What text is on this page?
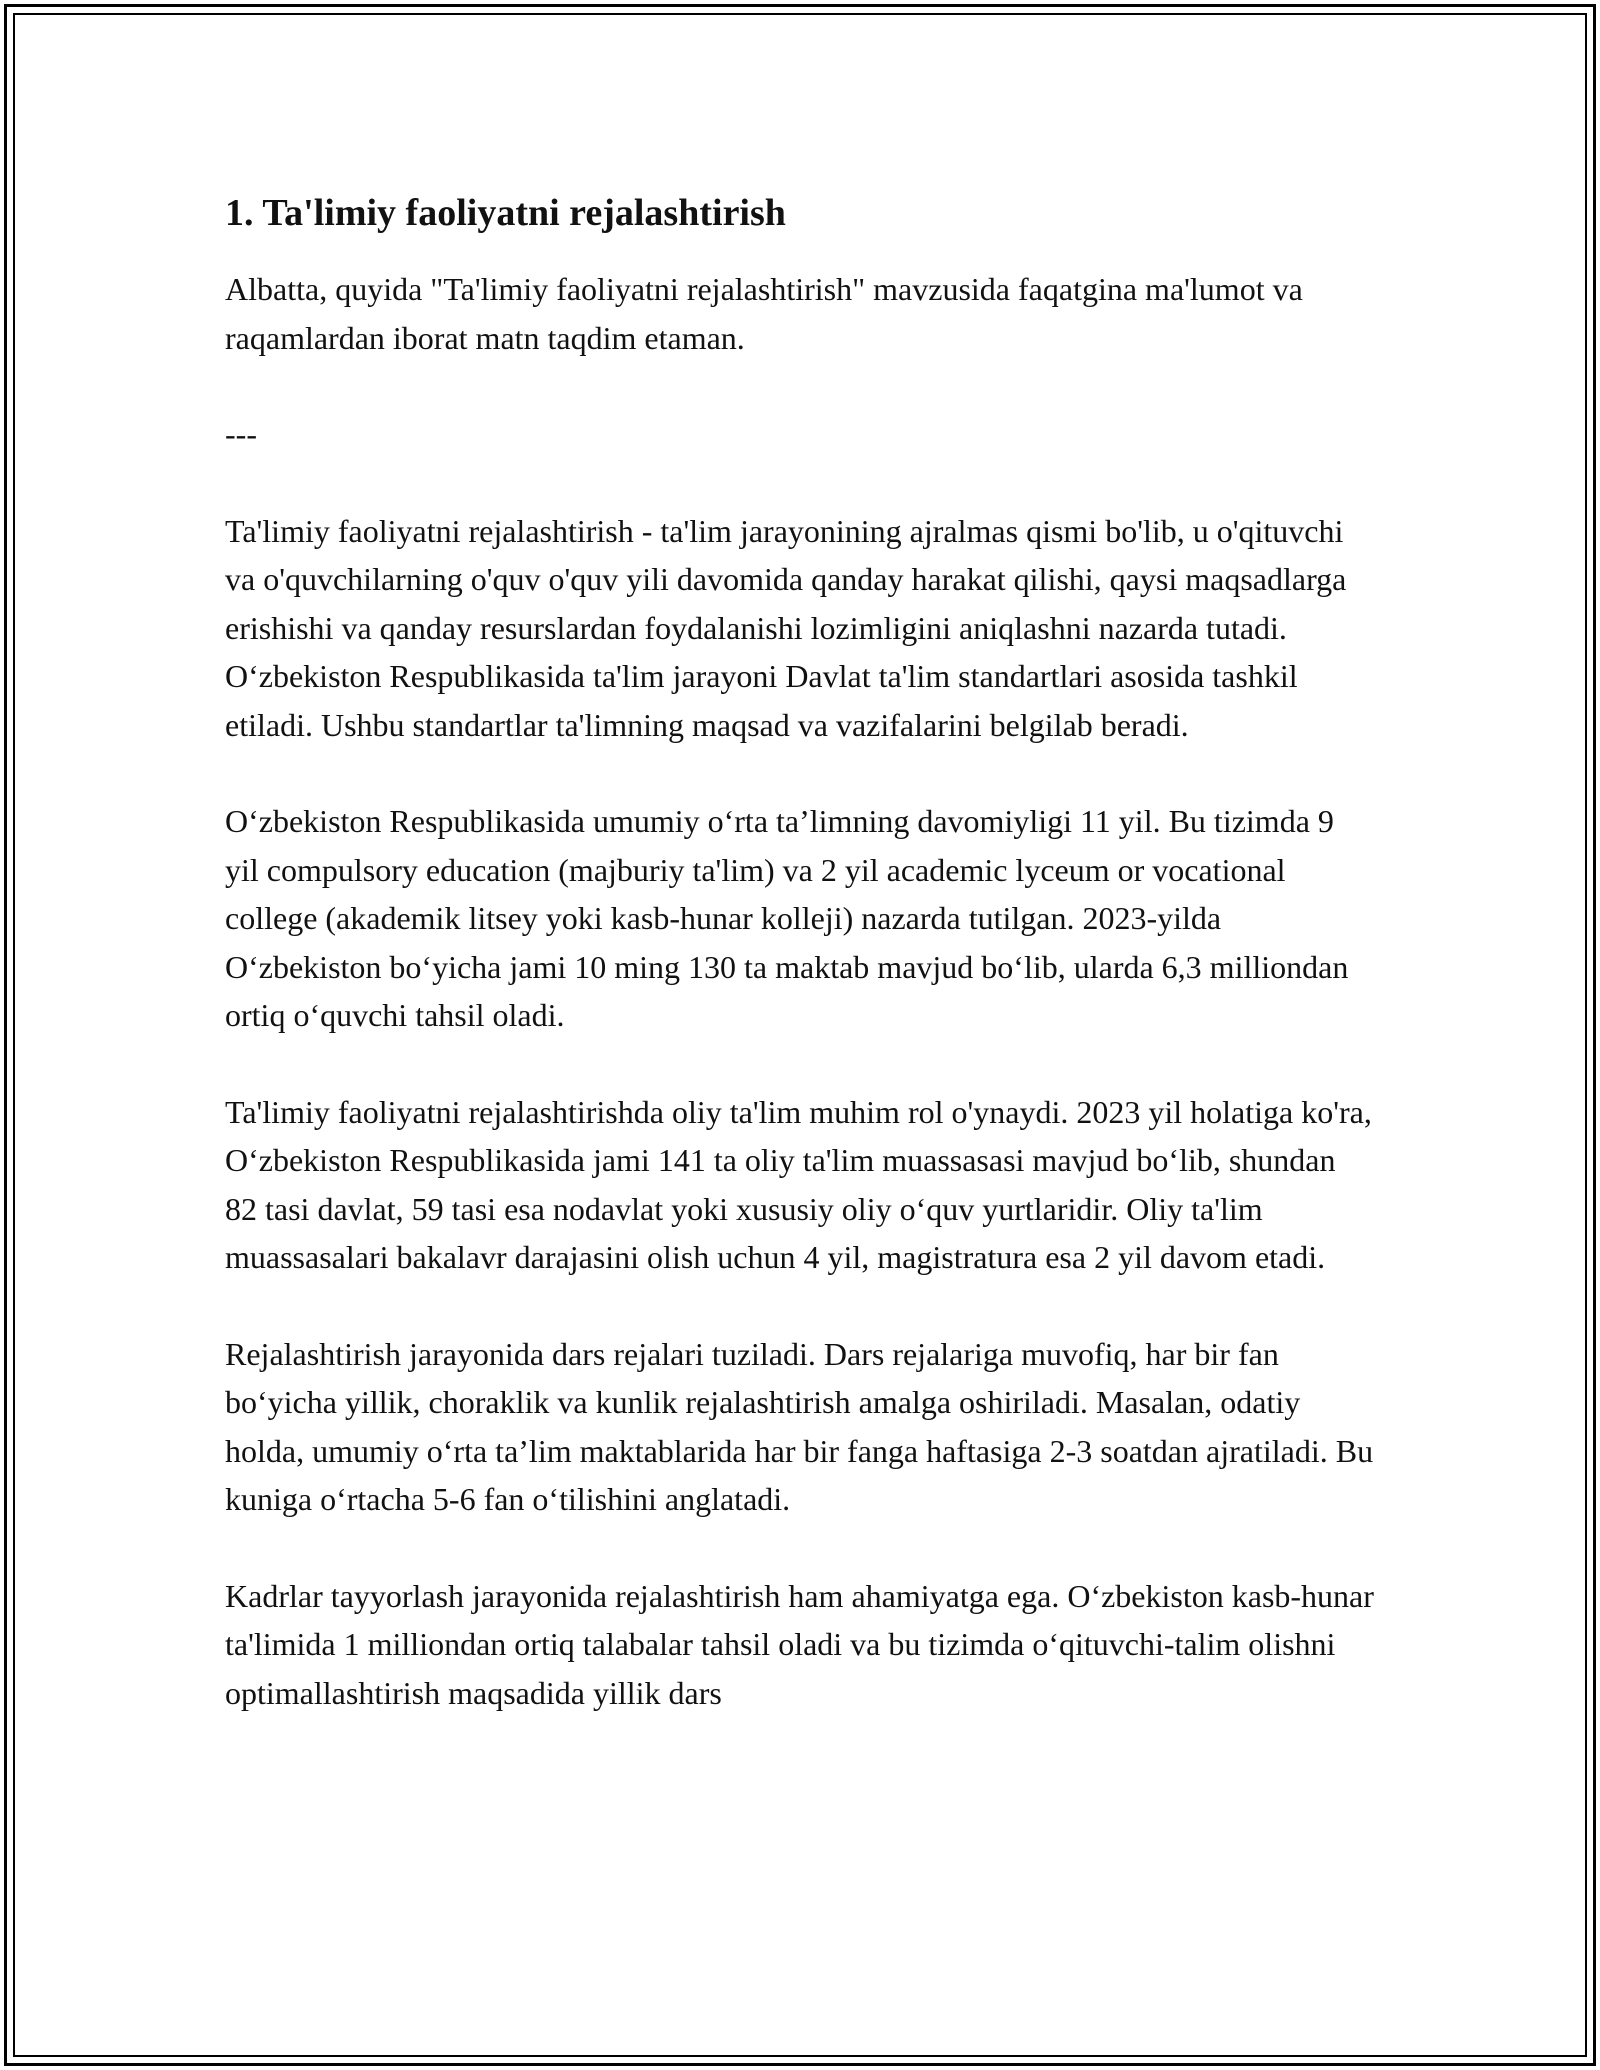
1. Ta'limiy faoliyatni rejalashtirish

Albatta, quyida "Ta'limiy faoliyatni rejalashtirish" mavzusida faqatgina ma'lumot va raqamlardan iborat matn taqdim etaman.

---

Ta'limiy faoliyatni rejalashtirish - ta'lim jarayonining ajralmas qismi bo'lib, u o'qituvchi va o'quvchilarning o'quv o'quv yili davomida qanday harakat qilishi, qaysi maqsadlarga erishishi va qanday resurslardan foydalanishi lozimligini aniqlashni nazarda tutadi. O‘zbekiston Respublikasida ta'lim jarayoni Davlat ta'lim standartlari asosida tashkil etiladi. Ushbu standartlar ta'limning maqsad va vazifalarini belgilab beradi.

O‘zbekiston Respublikasida umumiy o‘rta ta’limning davomiyligi 11 yil. Bu tizimda 9 yil compulsory education (majburiy ta'lim) va 2 yil academic lyceum or vocational college (akademik litsey yoki kasb-hunar kolleji) nazarda tutilgan. 2023-yilda O‘zbekiston bo‘yicha jami 10 ming 130 ta maktab mavjud bo‘lib, ularda 6,3 milliondan ortiq o‘quvchi tahsil oladi.

Ta'limiy faoliyatni rejalashtirishda oliy ta'lim muhim rol o'ynaydi. 2023 yil holatiga ko'ra, O‘zbekiston Respublikasida jami 141 ta oliy ta'lim muassasasi mavjud bo‘lib, shundan 82 tasi davlat, 59 tasi esa nodavlat yoki xususiy oliy o‘quv yurtlaridir. Oliy ta'lim muassasalari bakalavr darajasini olish uchun 4 yil, magistratura esa 2 yil davom etadi.

Rejalashtirish jarayonida dars rejalari tuziladi. Dars rejalariga muvofiq, har bir fan bo‘yicha yillik, choraklik va kunlik rejalashtirish amalga oshiriladi. Masalan, odatiy holda, umumiy o‘rta ta’lim maktablarida har bir fanga haftasiga 2-3 soatdan ajratiladi. Bu kuniga o‘rtacha 5-6 fan o‘tilishini anglatadi.

Kadrlar tayyorlash jarayonida rejalashtirish ham ahamiyatga ega. O‘zbekiston kasb-hunar ta'limida 1 milliondan ortiq talabalar tahsil oladi va bu tizimda o‘qituvchi-talim olishni optimallashtirish maqsadida yillik dars
